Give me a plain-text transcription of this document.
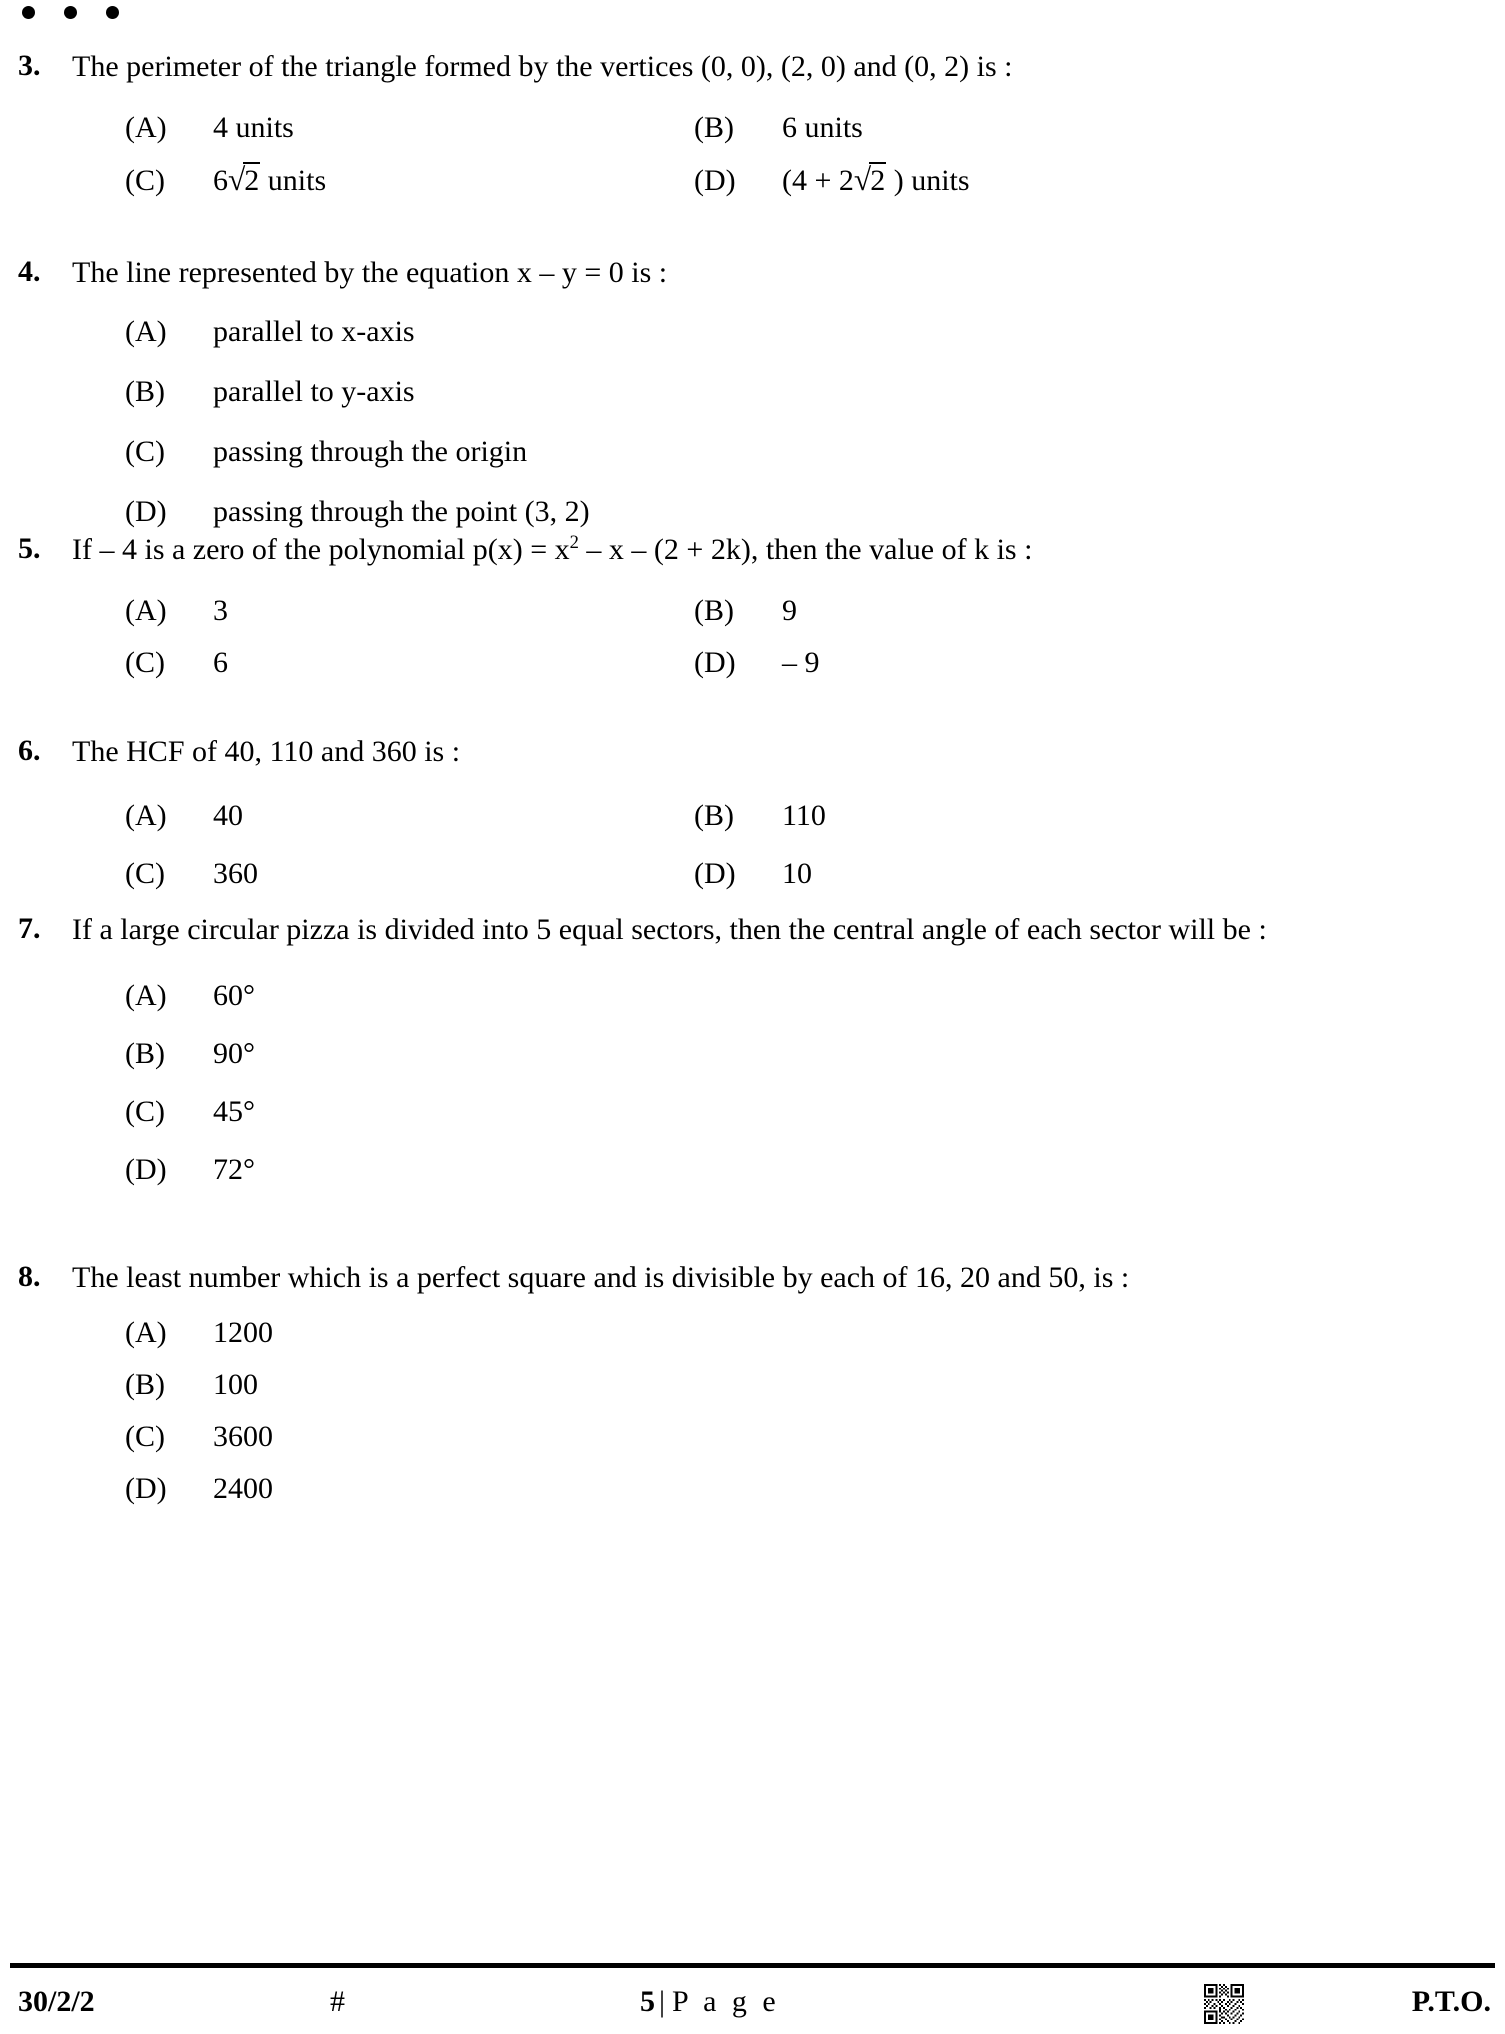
3.	The perimeter of the triangle formed by the vertices (0, 0), (2, 0) and (0, 2) is :
(A)	4 units	(B)	6 units
(C)	6√2 units	(D)	(4 + 2√2 ) units
4.	The line represented by the equation x – y = 0 is :
(A)	parallel to x-axis
(B)	parallel to y-axis
(C)	passing through the origin
(D)	passing through the point (3, 2)
5.	If – 4 is a zero of the polynomial $p(x) = x^2 - x - (2 + 2k)$, then the value of k is :
(A)	3	(B)	9
(C)	6	(D)	– 9
6.	The HCF of 40, 110 and 360 is :
(A)	40	(B)	110
(C)	360	(D)	10
7.	If a large circular pizza is divided into 5 equal sectors, then the central angle of each sector will be :
(A)	60°
(B)	90°
(C)	45°
(D)	72°
8.	The least number which is a perfect square and is divisible by each of 16, 20 and 50, is :
(A)	1200
(B)	100
(C)	3600
(D)	2400
30/2/2	#	5 | P a g e	P.T.O.
